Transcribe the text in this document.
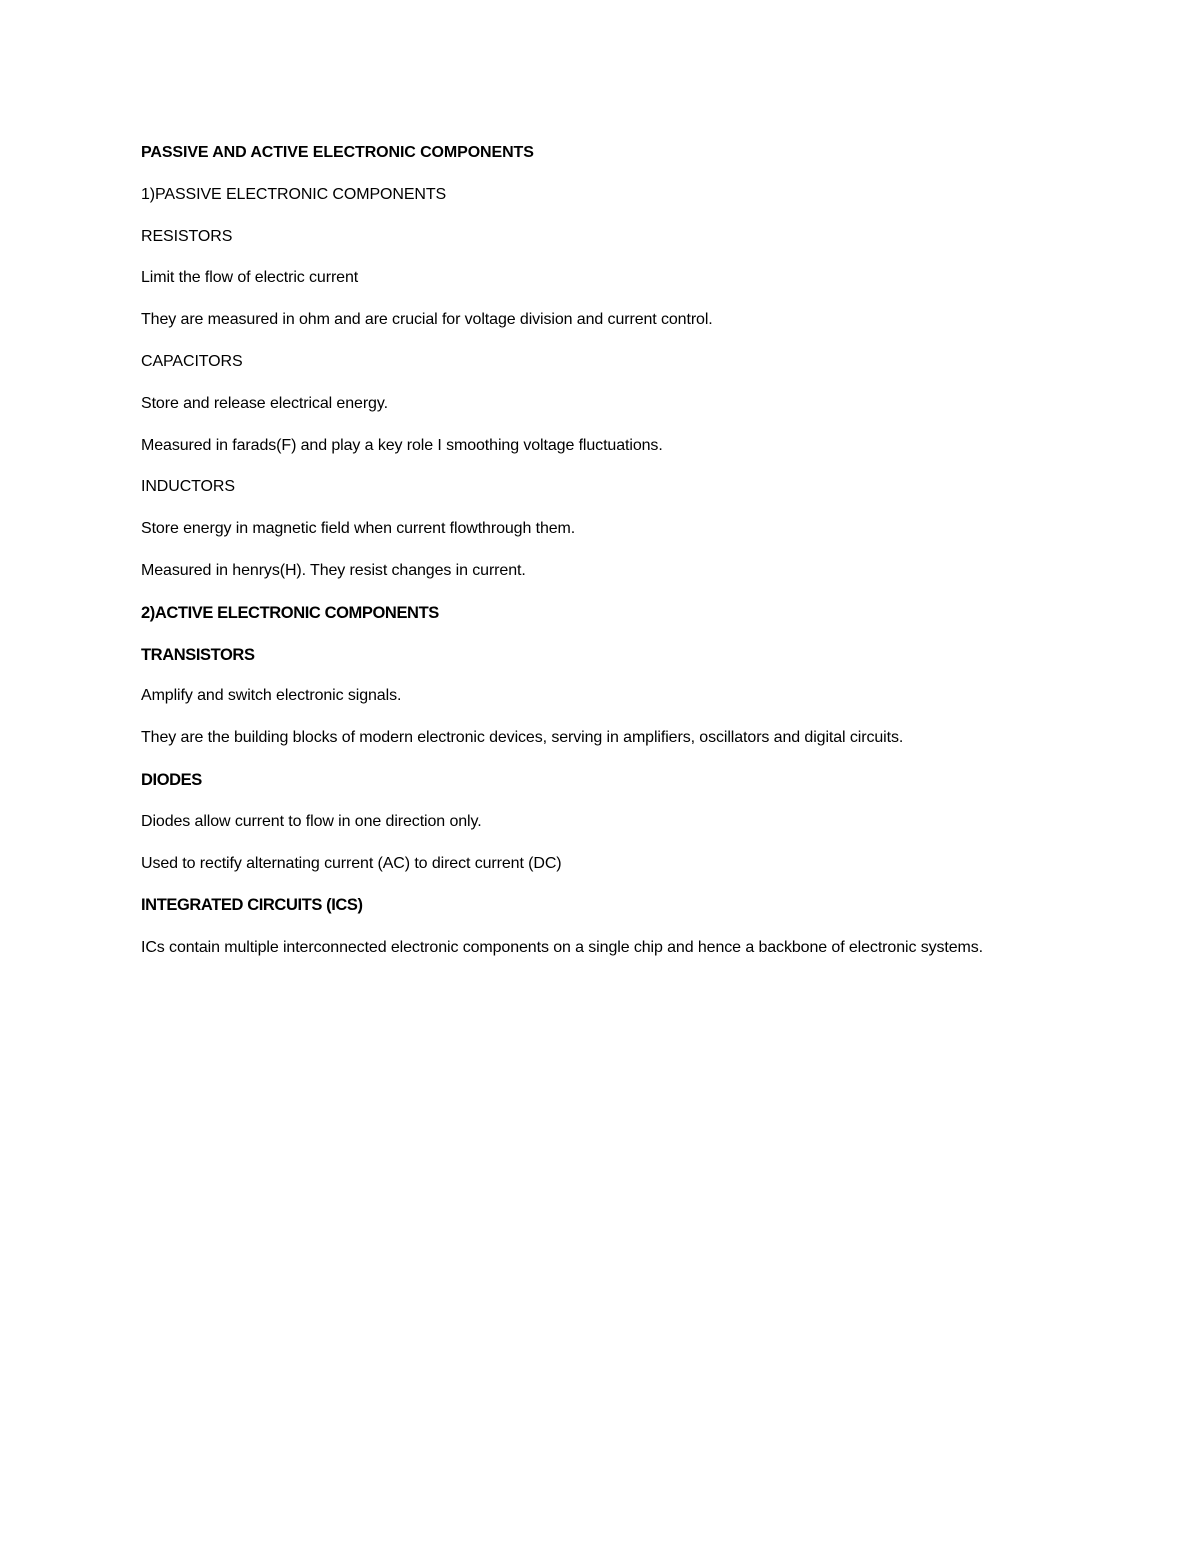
PASSIVE AND ACTIVE ELECTRONIC COMPONENTS
1)PASSIVE ELECTRONIC COMPONENTS
RESISTORS
Limit the flow of electric current
They are measured in ohm and are crucial for voltage division and current control.
CAPACITORS
Store and release electrical energy.
Measured in farads(F) and play a key role I smoothing voltage fluctuations.
INDUCTORS
Store energy in magnetic field when current flowthrough them.
Measured in henrys(H). They resist changes in current.
2)ACTIVE ELECTRONIC COMPONENTS
TRANSISTORS
Amplify and switch electronic signals.
They are the building blocks of modern electronic devices, serving in amplifiers, oscillators and digital circuits.
DIODES
Diodes allow current to flow in one direction only.
Used to rectify alternating current (AC) to direct current (DC)
INTEGRATED CIRCUITS (ICS)
ICs contain multiple interconnected electronic components on a single chip and hence a backbone of electronic systems.
